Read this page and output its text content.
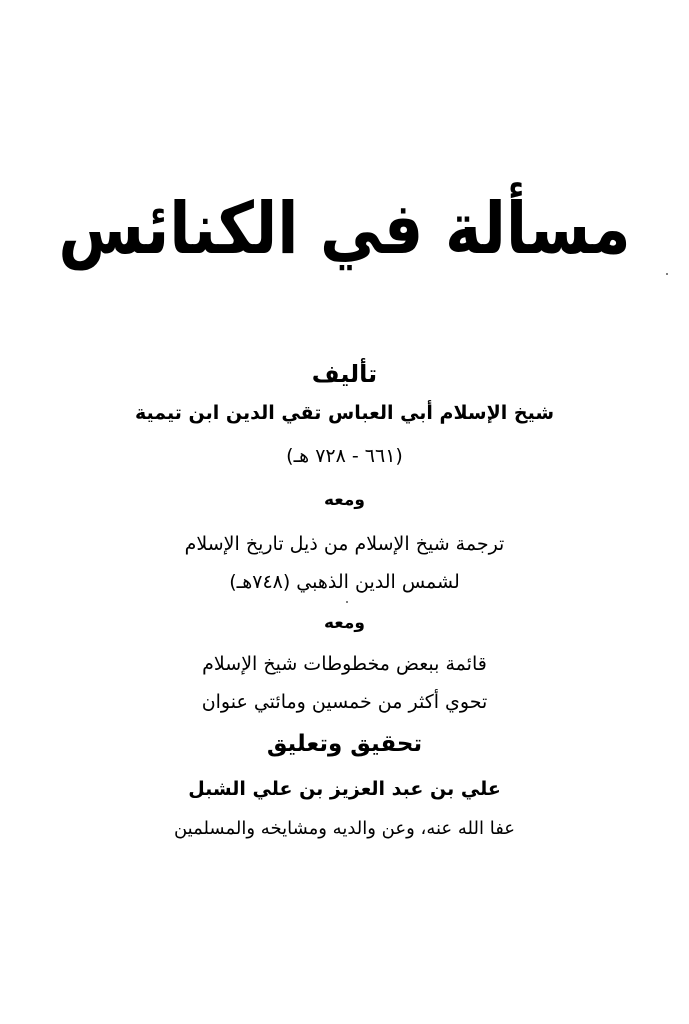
مسألة في الكنائس
تأليف
شيخ الإسلام أبي العباس تقي الدين ابن تيمية
(٦٦١ - ٧٢٨ هـ)
ومعه
ترجمة شيخ الإسلام من ذيل تاريخ الإسلام
لشمس الدين الذهبي (٧٤٨هـ)
ومعه
قائمة ببعض مخطوطات شيخ الإسلام
تحوي أكثر من خمسين ومائتي عنوان
تحقيق وتعليق
علي بن عبد العزيز بن علي الشبل
عفا الله عنه، وعن والديه ومشايخه والمسلمين
